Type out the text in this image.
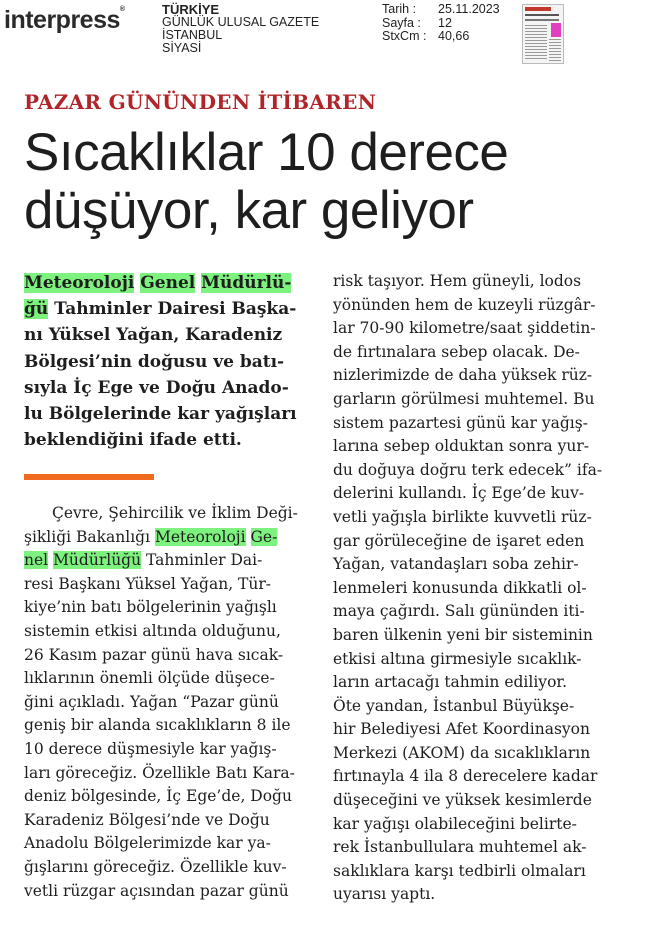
interpress®	TÜRKİYE
GÜNLÜK ULUSAL GAZETE
İSTANBUL
SİYASİ
Tarih :	25.11.2023
Sayfa :	12
StxCm : 40,66
PAZAR GÜNÜNDEN İTİBAREN
Sıcaklıklar 10 derece
düşüyor, kar geliyor
Meteoroloji Genel Müdürlü-
ğü Tahminler Dairesi Başka-
nı Yüksel Yağan, Karadeniz
Bölgesi’nin doğusu ve batı-
sıyla İç Ege ve Doğu Anado-
lu Bölgelerinde kar yağışları
beklendiğini ifade etti.
Çevre, Şehircilik ve İklim Deği-
şikliği Bakanlığı Meteoroloji Ge-
nel Müdürlüğü Tahminler Dai-
resi Başkanı Yüksel Yağan, Tür-
kiye’nin batı bölgelerinin yağışlı
sistemin etkisi altında olduğunu,
26 Kasım pazar günü hava sıcak-
lıklarının önemli ölçüde düşece-
ğini açıkladı. Yağan “Pazar günü
geniş bir alanda sıcaklıkların 8 ile
10 derece düşmesiyle kar yağış-
ları göreceğiz. Özellikle Batı Kara-
deniz bölgesinde, İç Ege’de, Doğu
Karadeniz Bölgesi’nde ve Doğu
Anadolu Bölgelerimizde kar ya-
ğışlarını göreceğiz. Özellikle kuv-
vetli rüzgar açısından pazar günü
risk taşıyor. Hem güneyli, lodos
yönünden hem de kuzeyli rüzgâr-
lar 70-90 kilometre/saat şiddetin-
de fırtınalara sebep olacak. De-
nizlerimizde de daha yüksek rüz-
garların görülmesi muhtemel. Bu
sistem pazartesi günü kar yağış-
larına sebep olduktan sonra yur-
du doğuya doğru terk edecek” ifa-
delerini kullandı. İç Ege’de kuv-
vetli yağışla birlikte kuvvetli rüz-
gar görüleceğine de işaret eden
Yağan, vatandaşları soba zehir-
lenmeleri konusunda dikkatli ol-
maya çağırdı. Salı gününden iti-
baren ülkenin yeni bir sisteminin
etkisi altına girmesiyle sıcaklık-
ların artacağı tahmin ediliyor.
Öte yandan, İstanbul Büyükşe-
hir Belediyesi Afet Koordinasyon
Merkezi (AKOM) da sıcaklıkların
fırtınayla 4 ila 8 derecelere kadar
düşeceğini ve yüksek kesimlerde
kar yağışı olabileceğini belirte-
rek İstanbullulara muhtemel ak-
saklıklara karşı tedbirli olmaları
uyarısı yaptı.
